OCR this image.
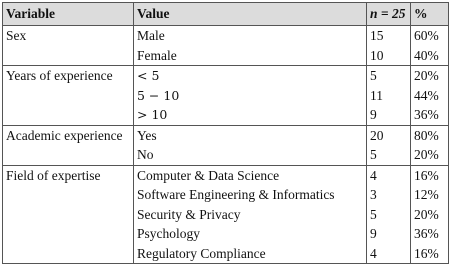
Variable	Value	n = 25	%
Sex	Male	15	60%
	Female	10	40%
Years of experience	< 5	5	20%
	5 − 10	11	44%
	> 10	9	36%
Academic experience	Yes	20	80%
	No	5	20%
Field of expertise	Computer & Data Science	4	16%
	Software Engineering & Informatics	3	12%
	Security & Privacy	5	20%
	Psychology	9	36%
	Regulatory Compliance	4	16%
